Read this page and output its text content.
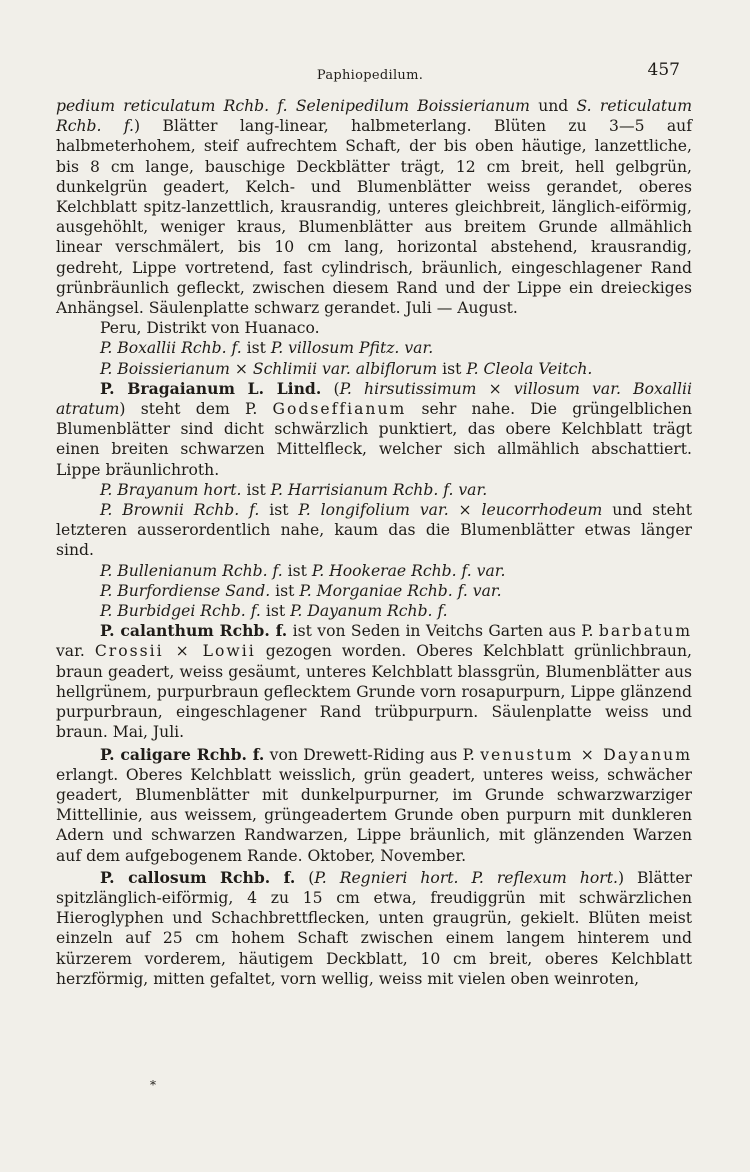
Paphiopedilum.	457

pedium reticulatum Rchb. f. Selenipedilum Boissierianum und S. reticulatum Rchb. f.) Blätter lang-linear, halbmeterlang. Blüten zu 3—5 auf halbmeterhohem, steif aufrechtem Schaft, der bis oben häutige, lanzettliche, bis 8 cm lange, bauschige Deckblätter trägt, 12 cm breit, hell gelbgrün, dunkelgrün geadert, Kelch- und Blumenblätter weiss gerandet, oberes Kelchblatt spitz-lanzettlich, krausrandig, unteres gleichbreit, länglich-eiförmig, ausgehöhlt, weniger kraus, Blumenblätter aus breitem Grunde allmählich linear verschmälert, bis 10 cm lang, horizontal abstehend, krausrandig, gedreht, Lippe vortretend, fast cylindrisch, bräunlich, eingeschlagener Rand grünbräunlich gefleckt, zwischen diesem Rand und der Lippe ein dreieckiges Anhängsel. Säulenplatte schwarz gerandet. Juli — August.

Peru, Distrikt von Huanaco.

P. Boxallii Rchb. f. ist P. villosum Pfitz. var.

P. Boissierianum × Schlimii var. albiflorum ist P. Cleola Veitch.

P. Bragaianum L. Lind. (P. hirsutissimum × villosum var. Boxallii atratum) steht dem P. Godseffianum sehr nahe. Die grüngelblichen Blumenblätter sind dicht schwärzlich punktiert, das obere Kelchblatt trägt einen breiten schwarzen Mittelfleck, welcher sich allmählich abschattiert. Lippe bräunlichroth.

P. Brayanum hort. ist P. Harrisianum Rchb. f. var.

P. Brownii Rchb. f. ist P. longifolium var. × leucorrhodeum und steht letzteren ausserordentlich nahe, kaum das die Blumenblätter etwas länger sind.

P. Bullenianum Rchb. f. ist P. Hookerae Rchb. f. var.

P. Burfordiense Sand. ist P. Morganiae Rchb. f. var.

P. Burbidgei Rchb. f. ist P. Dayanum Rchb. f.

P. calanthum Rchb. f. ist von Seden in Veitchs Garten aus P. barbatum var. Crossii × Lowii gezogen worden. Oberes Kelchblatt grünlichbraun, braun geadert, weiss gesäumt, unteres Kelchblatt blassgrün, Blumenblätter aus hellgrünem, purpurbraun geflecktem Grunde vorn rosapurpurn, Lippe glänzend purpurbraun, eingeschlagener Rand trübpurpurn. Säulenplatte weiss und braun. Mai, Juli.

P. caligare Rchb. f. von Drewett-Riding aus P. venustum × Dayanum erlangt. Oberes Kelchblatt weisslich, grün geadert, unteres weiss, schwächer geadert, Blumenblätter mit dunkelpurpurner, im Grunde schwarzwarziger Mittellinie, aus weissem, grüngeadertem Grunde oben purpurn mit dunkleren Adern und schwarzen Randwarzen, Lippe bräunlich, mit glänzenden Warzen auf dem aufgebogenem Rande. Oktober, November.

P. callosum Rchb. f. (P. Regnieri hort. P. reflexum hort.) Blätter spitzlänglich-eiförmig, 4 zu 15 cm etwa, freudiggrün mit schwärzlichen Hieroglyphen und Schachbrettflecken, unten graugrün, gekielt. Blüten meist einzeln auf 25 cm hohem Schaft zwischen einem langem hinterem und kürzerem vorderem, häutigem Deckblatt, 10 cm breit, oberes Kelchblatt herzförmig, mitten gefaltet, vorn wellig, weiss mit vielen oben weinroten,

*
